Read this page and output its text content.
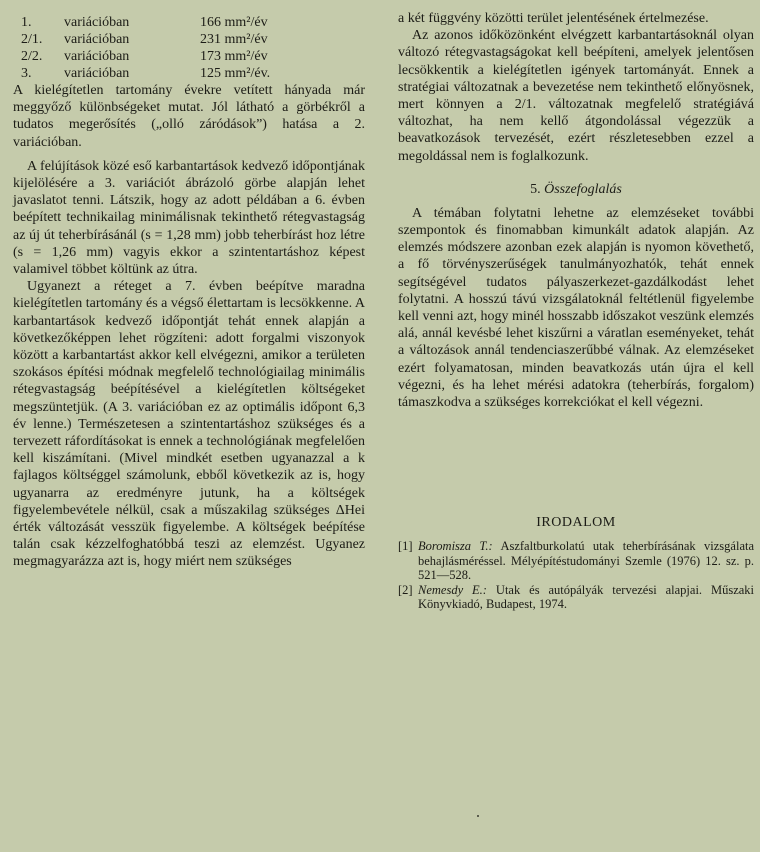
1.	variációban	166 mm²/év
2/1.	variációban	231 mm²/év
2/2.	variációban	173 mm²/év
3.	variációban	125 mm²/év.

A kielégítetlen tartomány évekre vetített hányada már meggyőző különbségeket mutat. Jól látható a görbékről a tudatos megerősítés („olló záródások”) hatása a 2. variációban.

A felújítások közé eső karbantartások kedvező időpontjának kijelölésére a 3. variációt ábrázoló görbe alapján lehet javaslatot tenni. Látszik, hogy az adott példában a 6. évben beépített technikailag minimálisnak tekinthető rétegvastagság az új út teherbírásánál (s = 1,28 mm) jobb teherbírást hoz létre (s = 1,26 mm) vagyis ekkor a szintentartáshoz képest valamivel többet költünk az útra.

Ugyanezt a réteget a 7. évben beépítve maradna kielégítetlen tartomány és a végső élettartam is lecsökkenne. A karbantartások kedvező időpontját tehát ennek alapján a következőképpen lehet rögzíteni: adott forgalmi viszonyok között a karbantartást akkor kell elvégezni, amikor a területen szokásos építési módnak megfelelő technológiailag minimális rétegvastagság beépítésével a kielégítetlen költségeket megszüntetjük. (A 3. variációban ez az optimális időpont 6,3 év lenne.) Természetesen a szintentartáshoz szükséges és a tervezett ráfordításokat is ennek a technológiának megfelelően kell kiszámítani. (Mivel mindkét esetben ugyanazzal a k fajlagos költséggel számolunk, ebből következik az is, hogy ugyanarra az eredményre jutunk, ha a költségek figyelembevétele nélkül, csak a műszakilag szükséges ΔHei érték változását vesszük figyelembe. A költségek beépítése talán csak kézzelfoghatóbbá teszi az elemzést. Ugyanez megmagyarázza azt is, hogy miért nem szükséges

a két függvény közötti terület jelentésének értelmezése.

Az azonos időközönként elvégzett karbantartásoknál olyan változó rétegvastagságokat kell beépíteni, amelyek jelentősen lecsökkentik a kielégítetlen igények tartományát. Ennek a stratégiai változatnak a bevezetése nem tekinthető előnyösnek, mert könnyen a 2/1. változatnak megfelelő stratégiává változhat, ha nem kellő átgondolással végezzük a beavatkozások tervezését, ezért részletesebben ezzel a megoldással nem is foglalkozunk.

5. Összefoglalás

A témában folytatni lehetne az elemzéseket további szempontok és finomabban kimunkált adatok alapján. Az elemzés módszere azonban ezek alapján is nyomon követhető, a fő törvényszerűségek tanulmányozhatók, tehát ennek segítségével tudatos pályaszerkezet-gazdálkodást lehet folytatni. A hosszú távú vizsgálatoknál feltétlenül figyelembe kell venni azt, hogy minél hosszabb időszakot veszünk elemzés alá, annál kevésbé lehet kiszűrni a váratlan eseményeket, tehát a változások annál tendenciaszerűbbé válnak. Az elemzéseket ezért folyamatosan, minden beavatkozás után újra el kell végezni, és ha lehet mérési adatokra (teherbírás, forgalom) támaszkodva a szükséges korrekciókat el kell végezni.

IRODALOM
[1] Boromisza T.: Aszfaltburkolatú utak teherbírásának vizsgálata behajlásméréssel. Mélyépítéstudományi Szemle (1976) 12. sz. p. 521—528.
[2] Nemesdy E.: Utak és autópályák tervezési alapjai. Műszaki Könyvkiadó, Budapest, 1974.
